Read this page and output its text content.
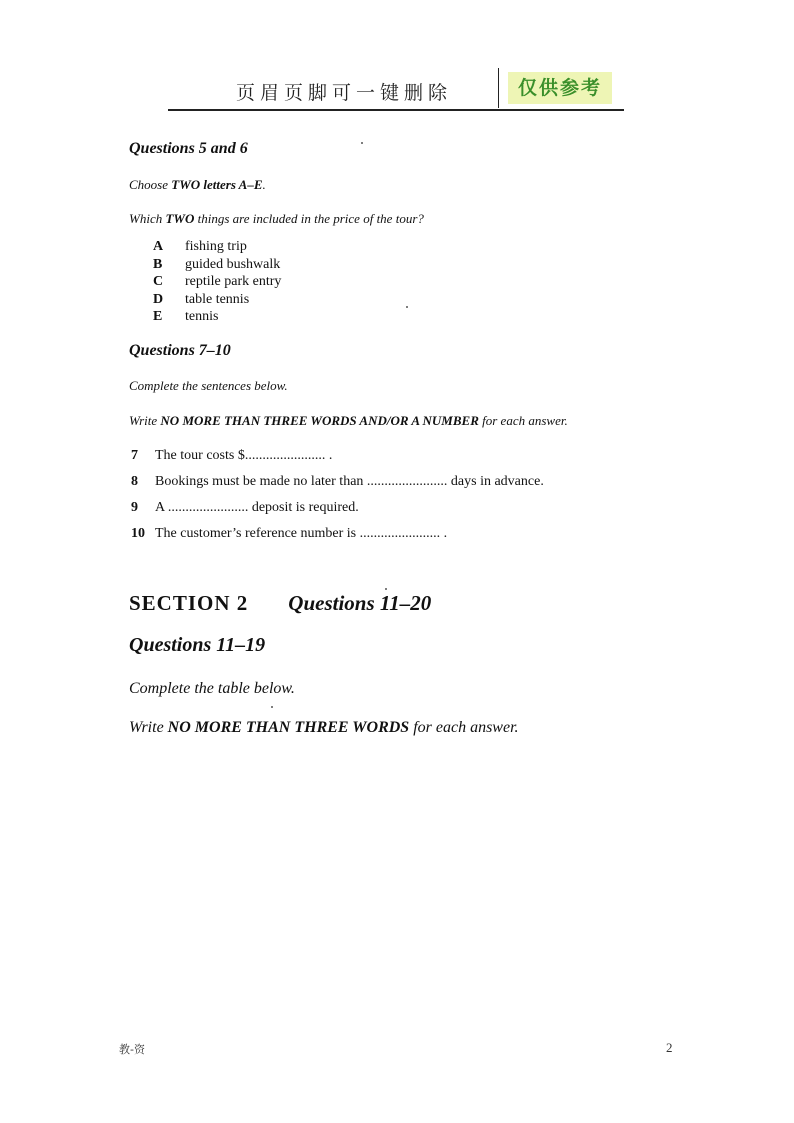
页眉页脚可一键删除	仅供参考
Questions 5 and 6
Choose TWO letters A–E.
Which TWO things are included in the price of the tour?
A fishing trip
B guided bushwalk
C reptile park entry
D table tennis
E tennis
Questions 7–10
Complete the sentences below.
Write NO MORE THAN THREE WORDS AND/OR A NUMBER for each answer.
7 The tour costs $....................... .
8 Bookings must be made no later than ....................... days in advance.
9 A ....................... deposit is required.
10 The customer’s reference number is ....................... .
SECTION 2 Questions 11–20
Questions 11–19
Complete the table below.
Write NO MORE THAN THREE WORDS for each answer.
教-资	2
